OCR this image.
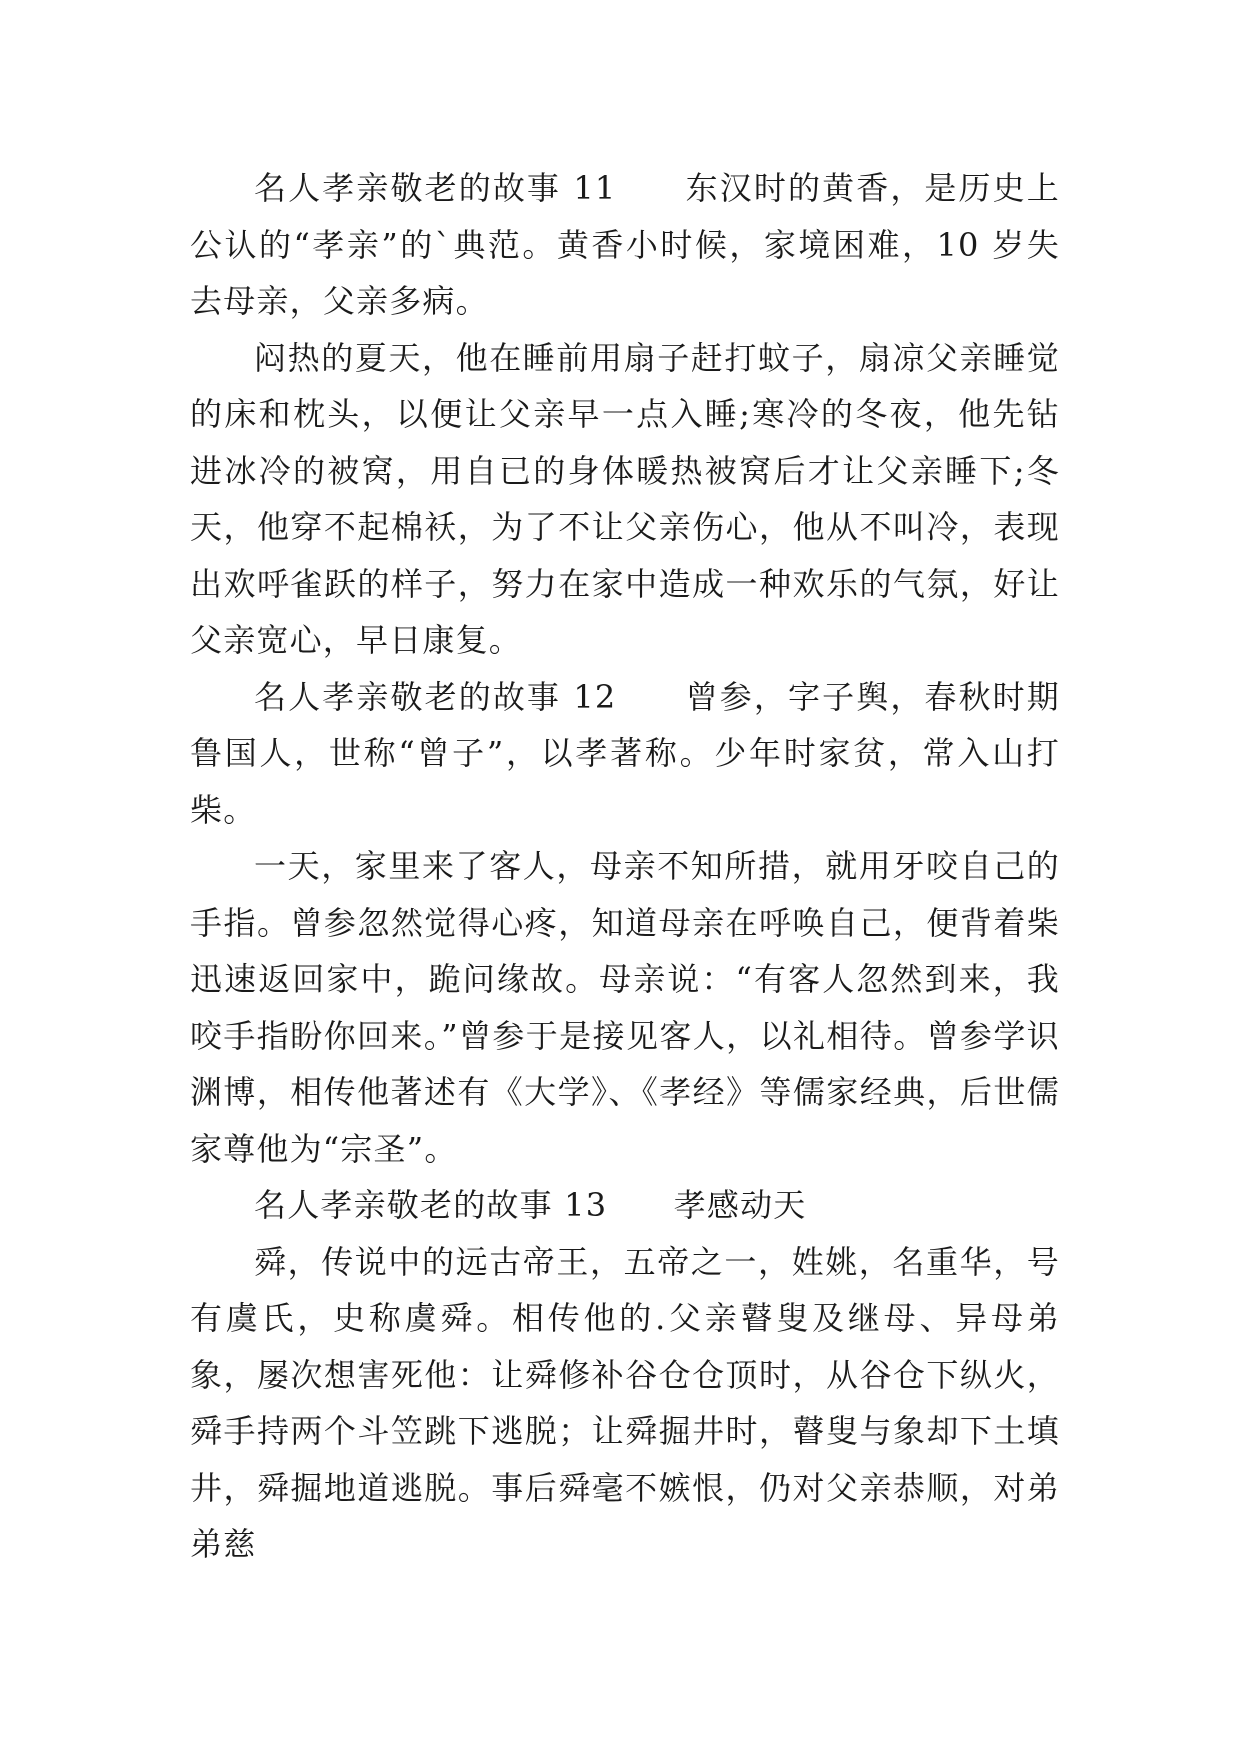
名人孝亲敬老的故事 11　　东汉时的黄香，是历史上公认的“孝亲”的`典范。黄香小时候，家境困难，10 岁失去母亲，父亲多病。

闷热的夏天，他在睡前用扇子赶打蚊子，扇凉父亲睡觉的床和枕头，以便让父亲早一点入睡;寒冷的冬夜，他先钻进冰冷的被窝，用自已的身体暖热被窝后才让父亲睡下;冬天，他穿不起棉袄，为了不让父亲伤心，他从不叫冷，表现出欢呼雀跃的样子，努力在家中造成一种欢乐的气氛，好让父亲宽心，早日康复。

名人孝亲敬老的故事 12　　曾参，字子舆，春秋时期鲁国人，世称“曾子”，以孝著称。少年时家贫，常入山打柴。

一天，家里来了客人，母亲不知所措，就用牙咬自己的手指。曾参忽然觉得心疼，知道母亲在呼唤自己，便背着柴迅速返回家中，跪问缘故。母亲说：“有客人忽然到来，我咬手指盼你回来。”曾参于是接见客人，以礼相待。曾参学识渊博，相传他著述有《大学》、《孝经》等儒家经典，后世儒家尊他为“宗圣”。

名人孝亲敬老的故事 13　　孝感动天

舜，传说中的远古帝王，五帝之一，姓姚，名重华，号有虞氏，史称虞舜。相传他的.父亲瞽叟及继母、异母弟象，屡次想害死他：让舜修补谷仓仓顶时，从谷仓下纵火，舜手持两个斗笠跳下逃脱；让舜掘井时，瞽叟与象却下土填井，舜掘地道逃脱。事后舜毫不嫉恨，仍对父亲恭顺，对弟弟慈
